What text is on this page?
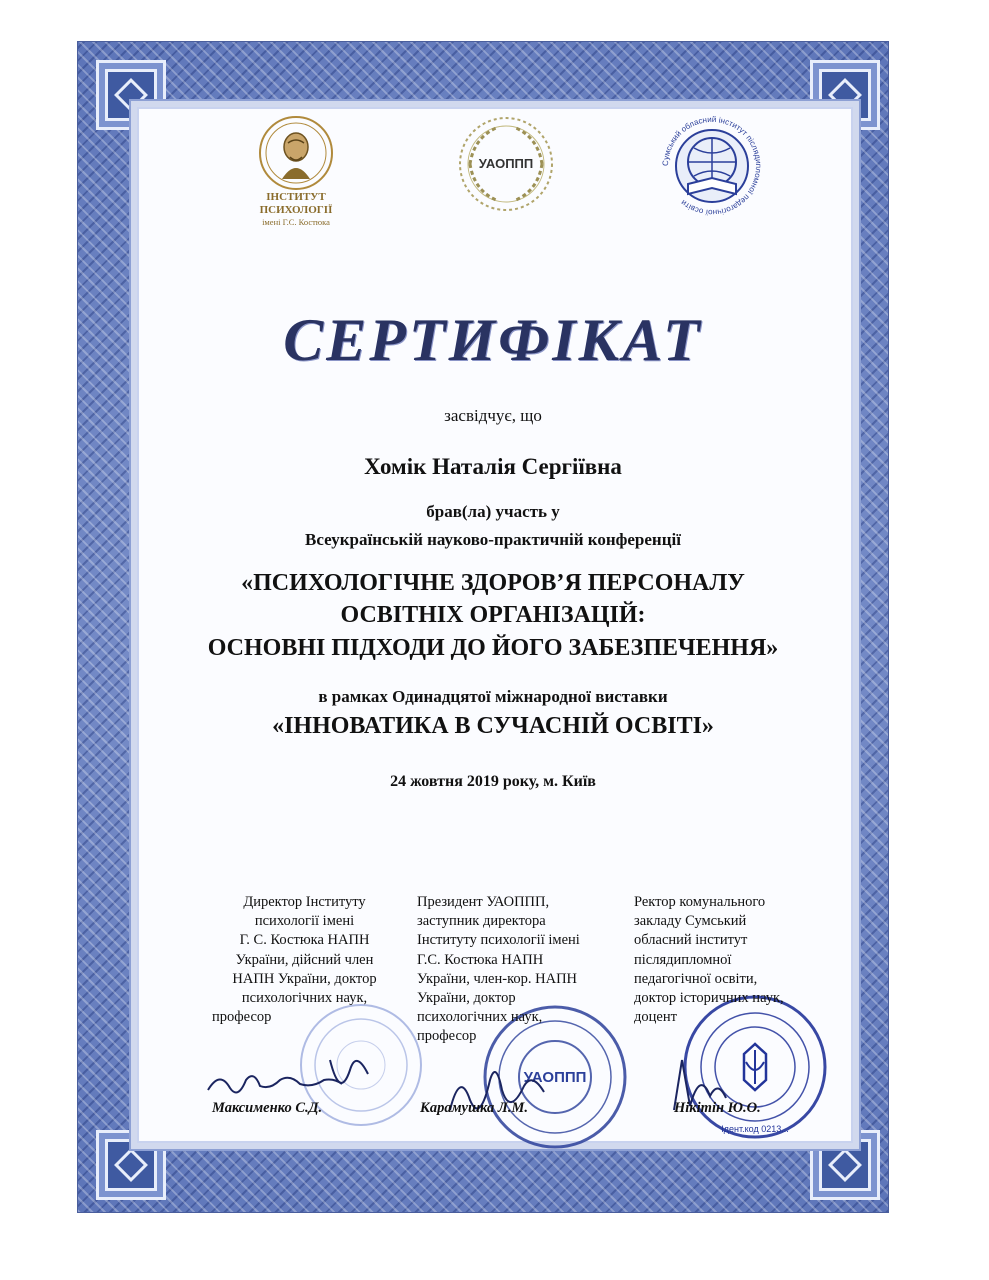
ІНСТИТУТ
ПСИХОЛОГІЇ
імені Г.С. Костюка
УАОППП	Сумський обласний інститут післядипломної педагогічної освіти
СЕРТИФІКАТ
засвідчує, що
Хомік Наталія Сергіївна
брав(ла) участь у
Всеукраїнській науково-практичній конференції
«ПСИХОЛОГІЧНЕ ЗДОРОВ’Я ПЕРСОНАЛУ
ОСВІТНІХ ОРГАНІЗАЦІЙ:
ОСНОВНІ ПІДХОДИ ДО ЙОГО ЗАБЕЗПЕЧЕННЯ»
в рамках Одинадцятої міжнародної виставки
«ІННОВАТИКА В СУЧАСНІЙ ОСВІТІ»
24 жовтня 2019 року, м. Київ
УАОППП
Ідент.код 0213...
Директор Інституту
психології імені
Г. С. Костюка НАПН
України, дійсний член
НАПН України, доктор
психологічних наук,
професор
Президент УАОППП,
заступник директора
Інституту психології імені
Г.С. Костюка НАПН
України, член-кор. НАПН
України, доктор
психологічних наук,
професор
Ректор комунального
закладу Сумський
обласний інститут
післядипломної
педагогічної освіти,
доктор історичних наук,
доцент
Максименко С.Д.	Карамушка Л.М.	Нікітін Ю.О.
